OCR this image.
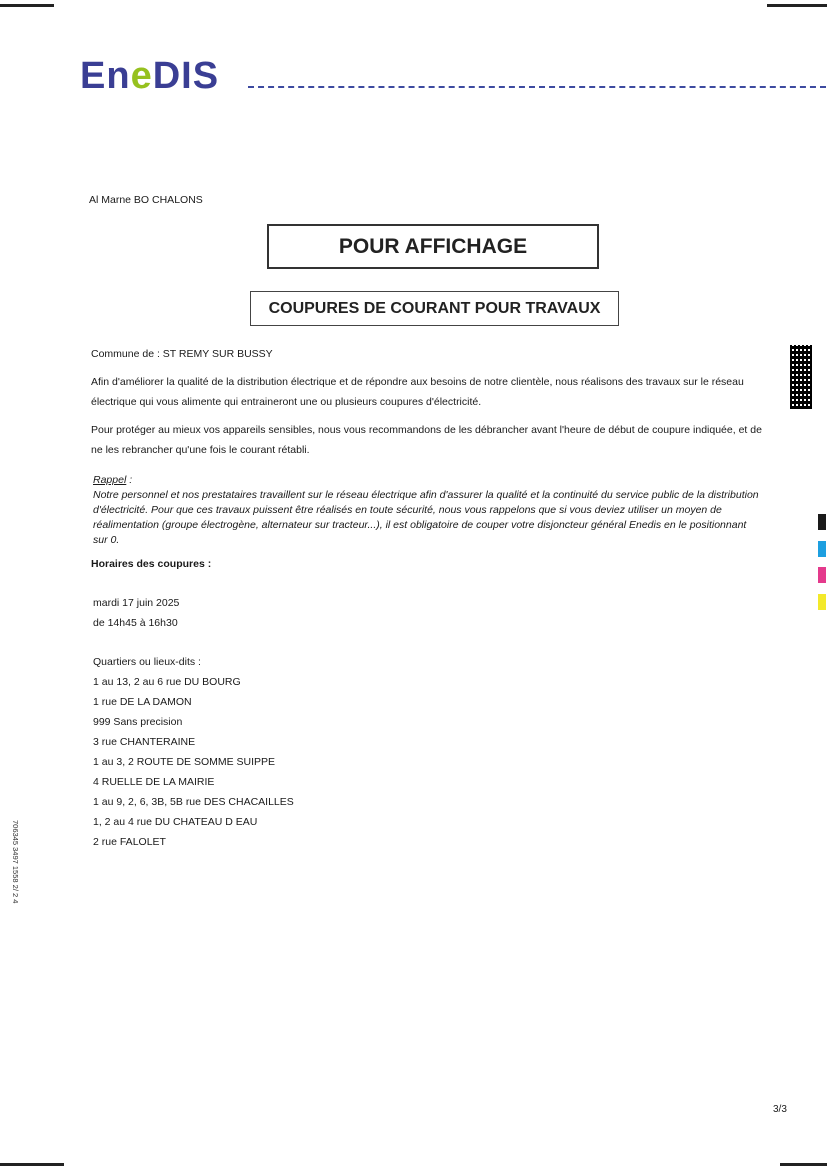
EneDIS
Al Marne BO CHALONS
POUR AFFICHAGE
COUPURES DE COURANT POUR TRAVAUX
Commune de : ST REMY SUR BUSSY
Afin d'améliorer la qualité de la distribution électrique et de répondre aux besoins de notre clientèle, nous réalisons des travaux sur le réseau électrique qui vous alimente qui entraineront une ou plusieurs coupures d'électricité.
Pour protéger au mieux vos appareils sensibles, nous vous recommandons de les débrancher avant l'heure de début de coupure indiquée, et de ne les rebrancher qu'une fois le courant rétabli.
Rappel :
Notre personnel et nos prestataires travaillent sur le réseau électrique afin d'assurer la qualité et la continuité du service public de la distribution d'électricité. Pour que ces travaux puissent être réalisés en toute sécurité, nous vous rappelons que si vous deviez utiliser un moyen de réalimentation (groupe électrogène, alternateur sur tracteur...), il est obligatoire de couper votre disjoncteur général Enedis en le positionnant sur 0.
Horaires des coupures :
mardi 17 juin 2025
de 14h45 à 16h30
Quartiers ou lieux-dits :
1 au 13, 2 au 6 rue DU BOURG
1 rue DE LA DAMON
999 Sans precision
3 rue CHANTERAINE
1 au 3, 2 ROUTE DE SOMME SUIPPE
4 RUELLE DE LA MAIRIE
1 au 9, 2, 6, 3B, 5B rue DES CHACAILLES
1, 2 au 4 rue DU CHATEAU D EAU
2 rue FALOLET
3/3
706345 3497 1558 2/ 2 4
